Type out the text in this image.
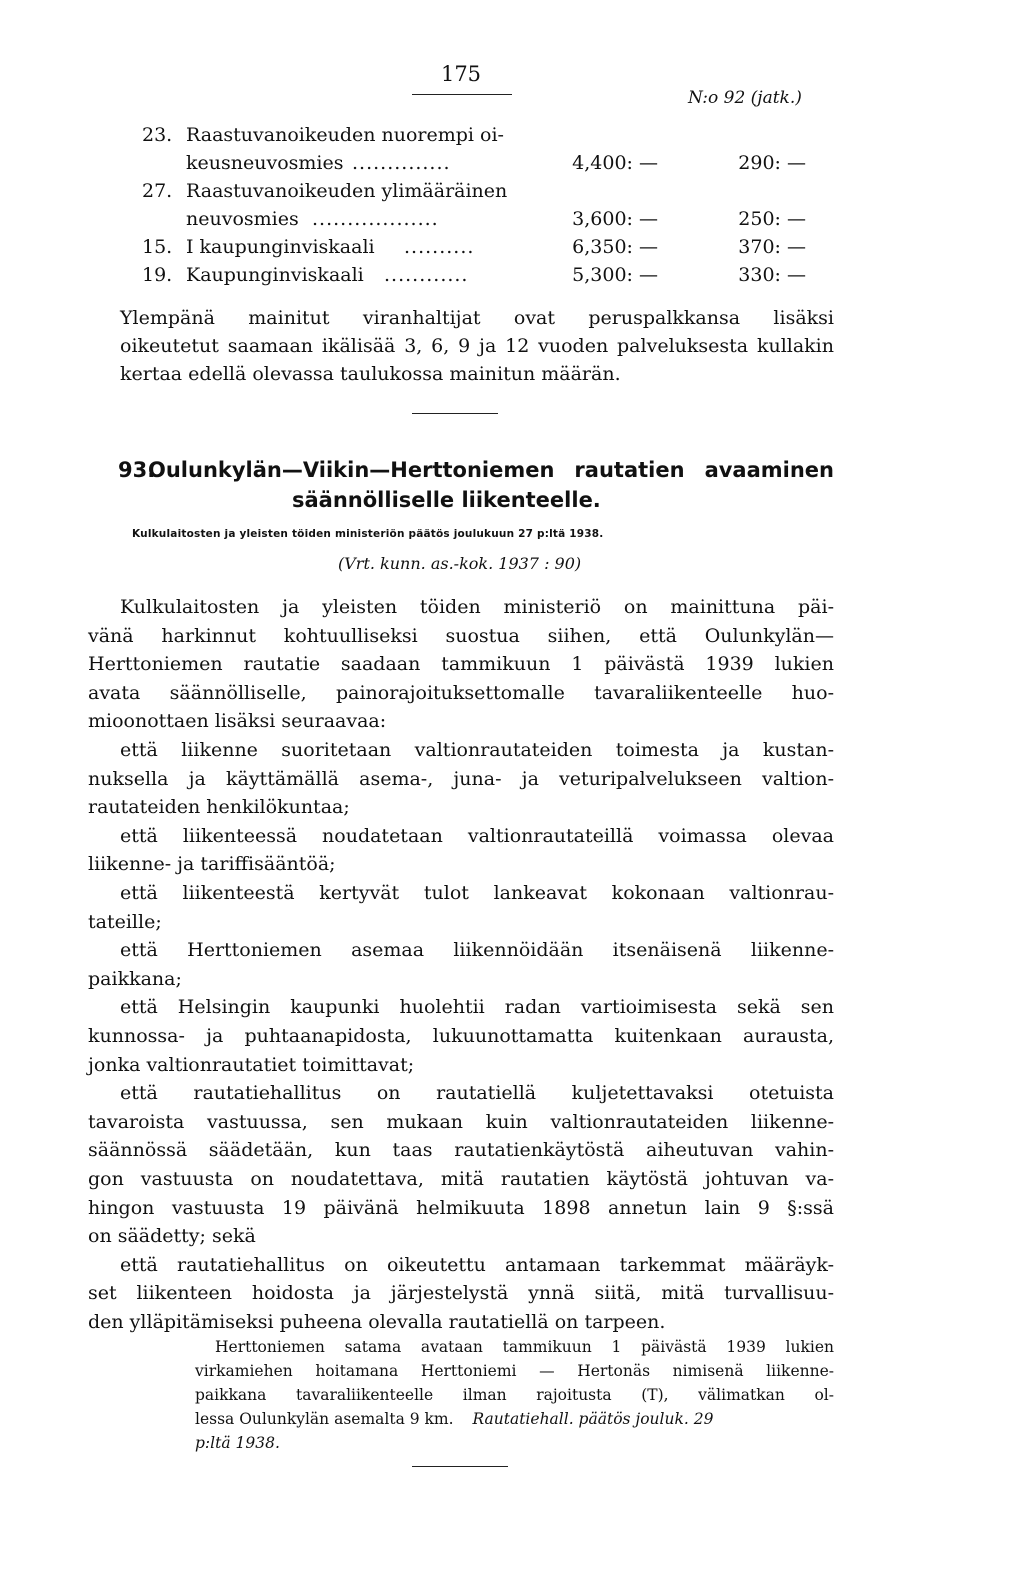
175
N:o 92 (jatk.)
23. Raastuvanoikeuden nuorempi oi-
keusneuvosmies ..............	4,400: —	290: —
27. Raastuvanoikeuden ylimääräinen
neuvosmies ..................	3,600: —	250: —
15. I kaupunginviskaali ..........	6,350: —	370: —
19. Kaupunginviskaali ............	5,300: —	330: —
Ylempänä mainitut viranhaltijat ovat peruspalkkansa lisäksi
oikeutetut saamaan ikälisää 3, 6, 9 ja 12 vuoden palveluksesta kullakin
kertaa edellä olevassa taulukossa mainitun määrän.
93.
Oulunkylän—Viikin—Herttoniemen rautatien avaaminen
säännölliselle liikenteelle.
Kulkulaitosten ja yleisten töiden ministeriön päätös joulukuun 27 p:ltä 1938.
(Vrt. kunn. as.-kok. 1937 : 90)
Kulkulaitosten ja yleisten töiden ministeriö on mainittuna päi-
vänä harkinnut kohtuulliseksi suostua siihen, että Oulunkylän—
Herttoniemen rautatie saadaan tammikuun 1 päivästä 1939 lukien
avata säännölliselle, painorajoituksettomalle tavaraliikenteelle huo-
mioonottaen lisäksi seuraavaa:
että liikenne suoritetaan valtionrautateiden toimesta ja kustan-
nuksella ja käyttämällä asema-, juna- ja veturipalvelukseen valtion-
rautateiden henkilökuntaa;
että liikenteessä noudatetaan valtionrautateillä voimassa olevaa
liikenne- ja tariffisääntöä;
että liikenteestä kertyvät tulot lankeavat kokonaan valtionrau-
tateille;
että Herttoniemen asemaa liikennöidään itsenäisenä liikenne-
paikkana;
että Helsingin kaupunki huolehtii radan vartioimisesta sekä sen
kunnossa- ja puhtaanapidosta, lukuunottamatta kuitenkaan aurausta,
jonka valtionrautatiet toimittavat;
että rautatiehallitus on rautatiellä kuljetettavaksi otetuista
tavaroista vastuussa, sen mukaan kuin valtionrautateiden liikenne-
säännössä säädetään, kun taas rautatienkäytöstä aiheutuvan vahin-
gon vastuusta on noudatettava, mitä rautatien käytöstä johtuvan va-
hingon vastuusta 19 päivänä helmikuuta 1898 annetun lain 9 §:ssä
on säädetty; sekä
että rautatiehallitus on oikeutettu antamaan tarkemmat määräyk-
set liikenteen hoidosta ja järjestelystä ynnä siitä, mitä turvallisuu-
den ylläpitämiseksi puheena olevalla rautatiellä on tarpeen.
Herttoniemen satama avataan tammikuun 1 päivästä 1939 lukien
virkamiehen hoitamana Herttoniemi — Hertonäs nimisenä liikenne-
paikkana tavaraliikenteelle ilman rajoitusta (T), välimatkan ol-
lessa Oulunkylän asemalta 9 km. Rautatiehall. päätös jouluk. 29
p:ltä 1938.
